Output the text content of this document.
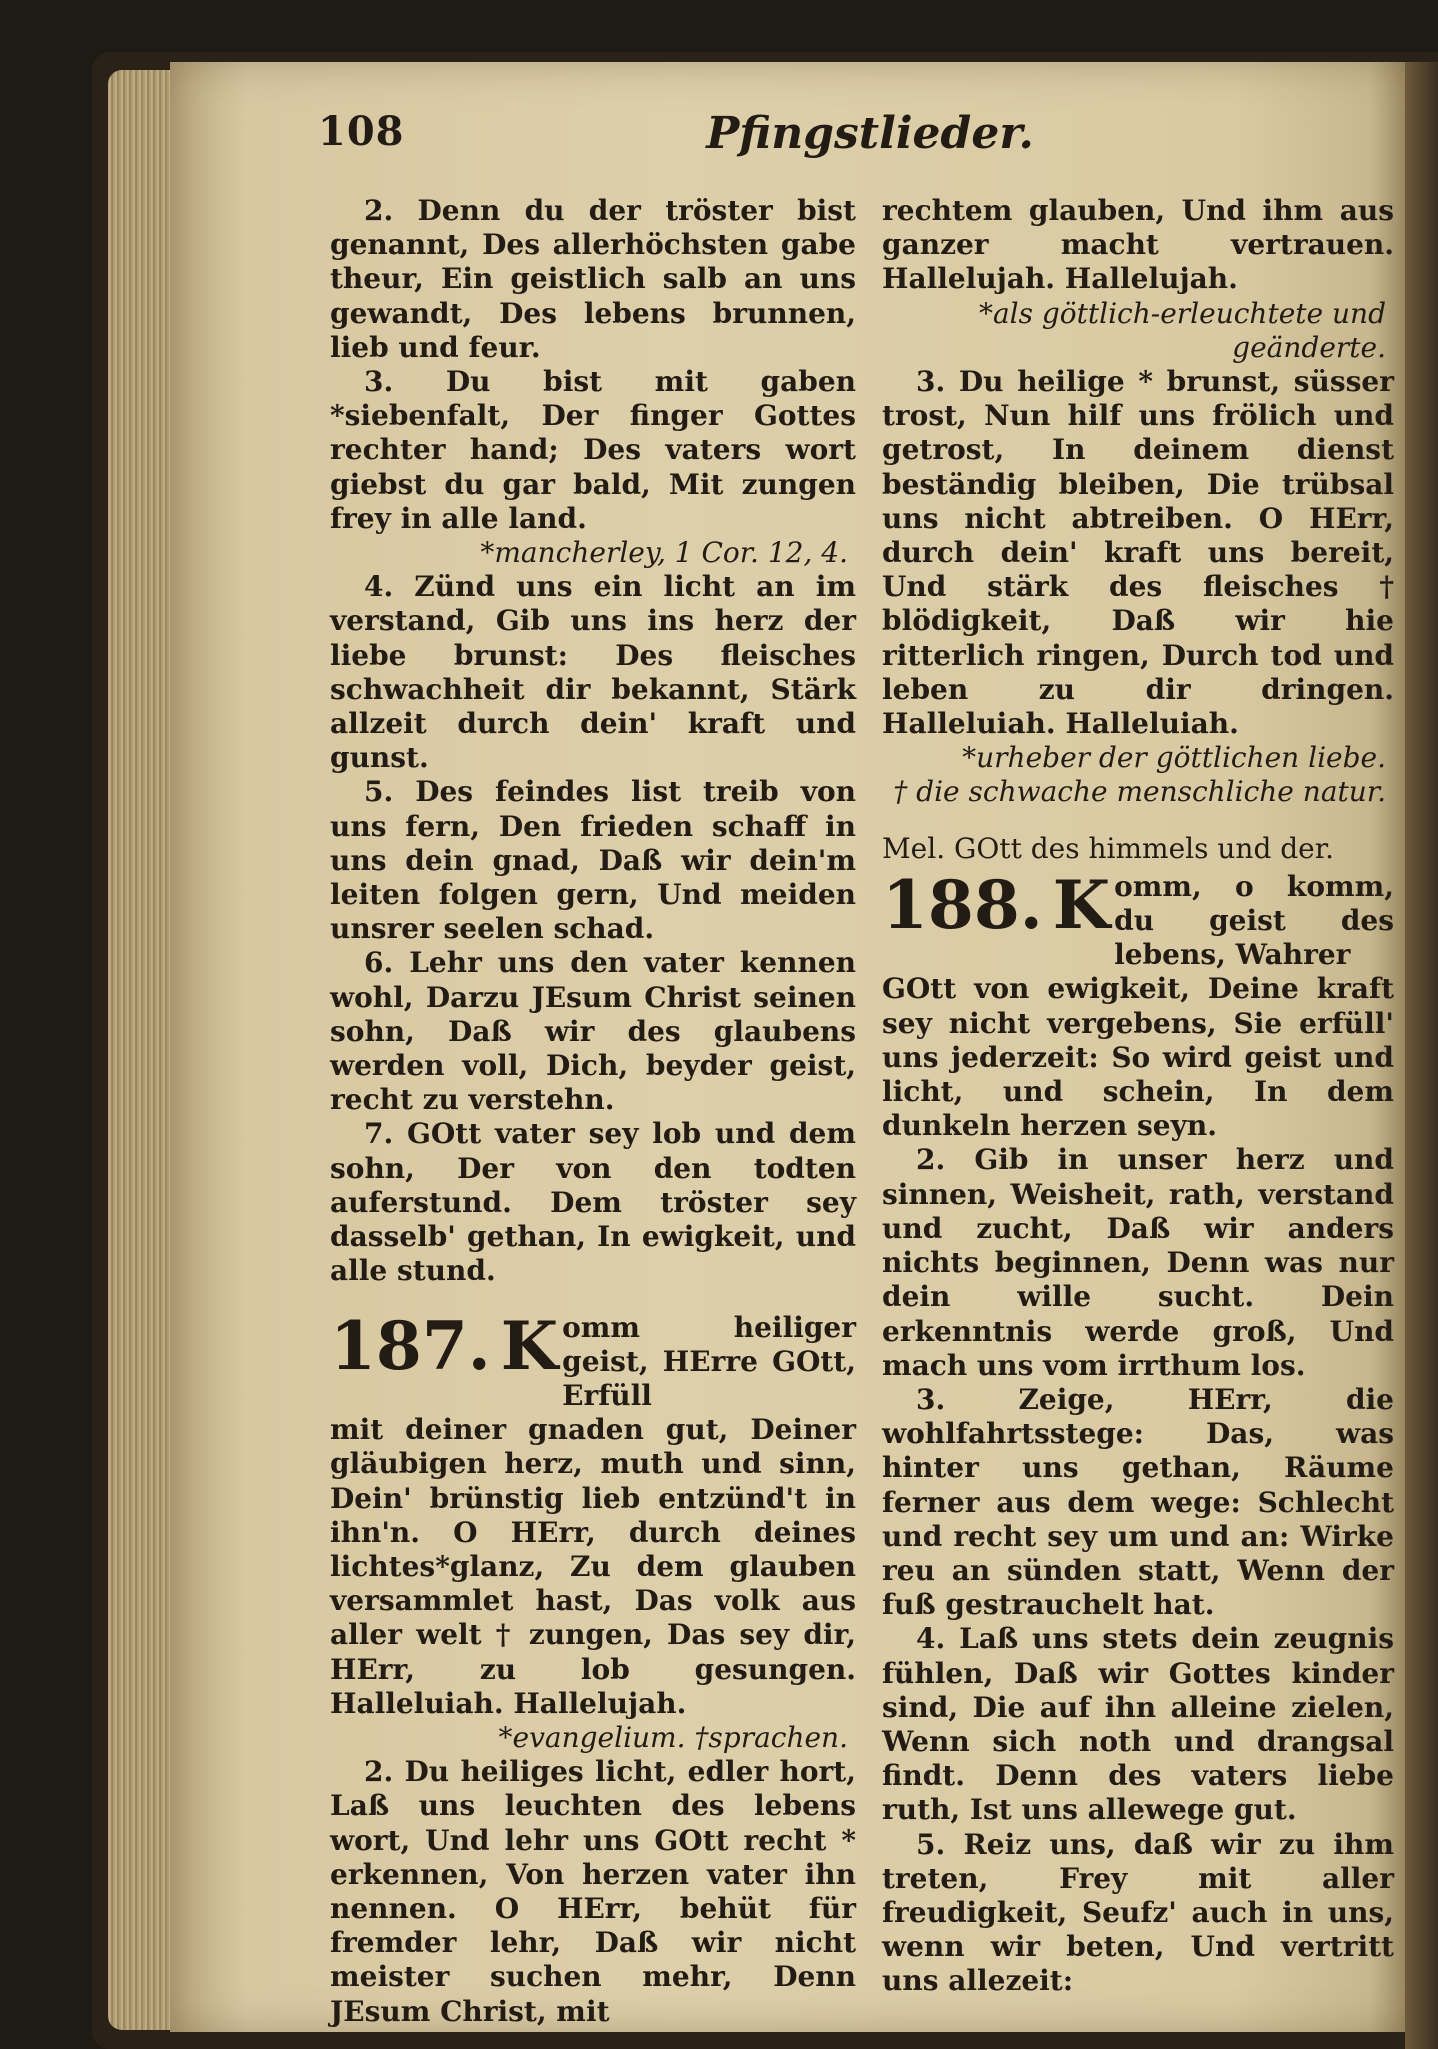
108	Pfingstlieder.

2. Denn du der tröster bist genannt, Des allerhöchsten gabe theur, Ein geistlich salb an uns gewandt, Des lebens brunnen, lieb und feur.

3. Du bist mit gaben *siebenfalt, Der finger Gottes rechter hand; Des vaters wort giebst du gar bald, Mit zungen frey in alle land.

*mancherley, 1 Cor. 12, 4.

4. Zünd uns ein licht an im verstand, Gib uns ins herz der liebe brunst: Des fleisches schwachheit dir bekannt, Stärk allzeit durch dein' kraft und gunst.

5. Des feindes list treib von uns fern, Den frieden schaff in uns dein gnad, Daß wir dein'm leiten folgen gern, Und meiden unsrer seelen schad.

6. Lehr uns den vater kennen wohl, Darzu JEsum Christ seinen sohn, Daß wir des glaubens werden voll, Dich, beyder geist, recht zu verstehn.

7. GOtt vater sey lob und dem sohn, Der von den todten auferstund. Dem tröster sey dasselb' gethan, In ewigkeit, und alle stund.

187. K omm heiliger geist, HErre GOtt, Erfüll

mit deiner gnaden gut, Deiner gläubigen herz, muth und sinn, Dein' brünstig lieb entzünd't in ihn'n. O HErr, durch deines lichtes*glanz, Zu dem glauben versammlet hast, Das volk aus aller welt † zungen, Das sey dir, HErr, zu lob gesungen. Halleluiah. Hallelujah.

*evangelium. †sprachen.

2. Du heiliges licht, edler hort, Laß uns leuchten des lebens wort, Und lehr uns GOtt recht * erkennen, Von herzen vater ihn nennen. O HErr, behüt für fremder lehr, Daß wir nicht meister suchen mehr, Denn JEsum Christ, mit

rechtem glauben, Und ihm aus ganzer macht vertrauen. Hallelujah. Hallelujah.

*als göttlich-erleuchtete und geänderte.

3. Du heilige * brunst, süsser trost, Nun hilf uns frölich und getrost, In deinem dienst beständig bleiben, Die trübsal uns nicht abtreiben. O HErr, durch dein' kraft uns bereit, Und stärk des fleisches † blödigkeit, Daß wir hie ritterlich ringen, Durch tod und leben zu dir dringen. Halleluiah. Halleluiah.

*urheber der göttlichen liebe.

† die schwache menschliche natur.

Mel. GOtt des himmels und der.

188. K omm, o komm, du geist des lebens, Wahrer

GOtt von ewigkeit, Deine kraft sey nicht vergebens, Sie erfüll' uns jederzeit: So wird geist und licht, und schein, In dem dunkeln herzen seyn.

2. Gib in unser herz und sinnen, Weisheit, rath, verstand und zucht, Daß wir anders nichts beginnen, Denn was nur dein wille sucht. Dein erkenntnis werde groß, Und mach uns vom irrthum los.

3. Zeige, HErr, die wohlfahrtsstege: Das, was hinter uns gethan, Räume ferner aus dem wege: Schlecht und recht sey um und an: Wirke reu an sünden statt, Wenn der fuß gestrauchelt hat.

4. Laß uns stets dein zeugnis fühlen, Daß wir Gottes kinder sind, Die auf ihn alleine zielen, Wenn sich noth und drangsal findt. Denn des vaters liebe ruth, Ist uns allewege gut.

5. Reiz uns, daß wir zu ihm treten, Frey mit aller freudigkeit, Seufz' auch in uns, wenn wir beten, Und vertritt uns allezeit:
